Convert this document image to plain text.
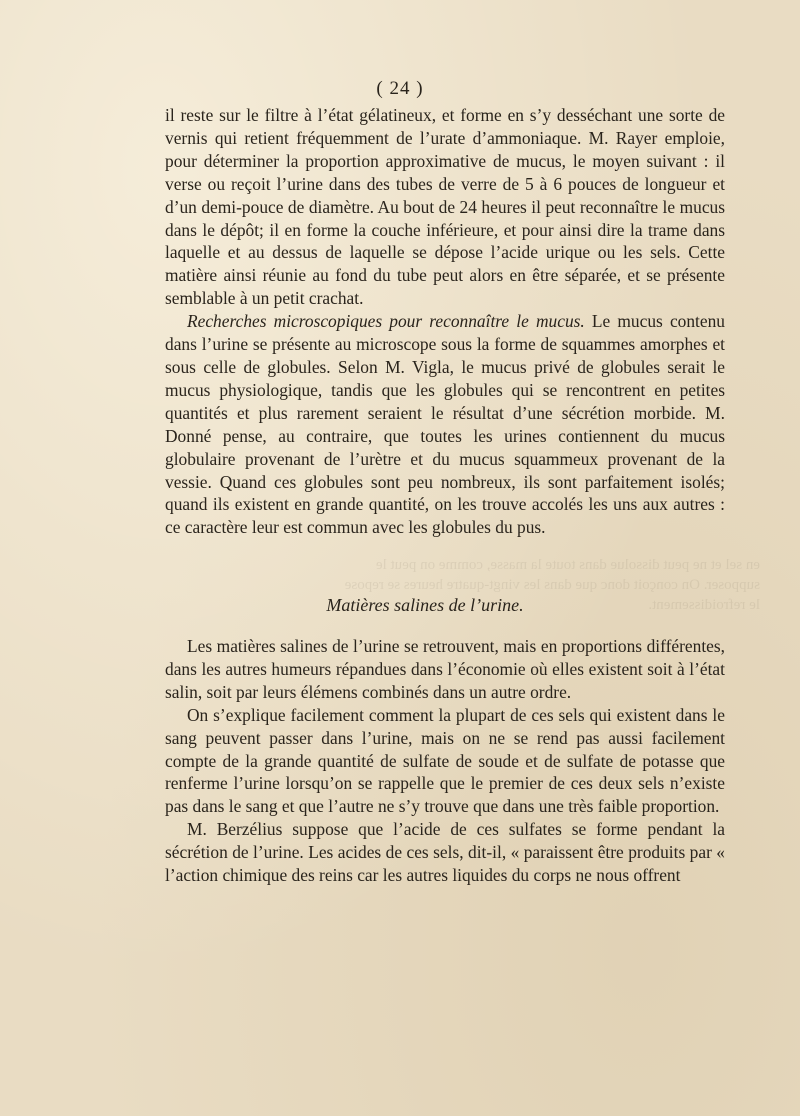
en sel et ne peut dissolue dans toute la masse, comme on peut le supposer. On conçoit donc que dans les vingt-quatre heures se repose le refroidissement.
( 24 )

il reste sur le filtre à l’état gélatineux, et forme en s’y desséchant une sorte de vernis qui retient fréquemment de l’urate d’ammoniaque. M. Rayer emploie, pour déterminer la proportion approximative de mucus, le moyen suivant : il verse ou reçoit l’urine dans des tubes de verre de 5 à 6 pouces de longueur et d’un demi-pouce de diamètre. Au bout de 24 heures il peut reconnaître le mucus dans le dépôt; il en forme la couche inférieure, et pour ainsi dire la trame dans laquelle et au dessus de laquelle se dépose l’acide urique ou les sels. Cette matière ainsi réunie au fond du tube peut alors en être séparée, et se présente semblable à un petit crachat.

Recherches microscopiques pour reconnaître le mucus. Le mucus contenu dans l’urine se présente au microscope sous la forme de squammes amorphes et sous celle de globules. Selon M. Vigla, le mucus privé de globules serait le mucus physiologique, tandis que les globules qui se rencontrent en petites quantités et plus rarement seraient le résultat d’une sécrétion morbide. M. Donné pense, au contraire, que toutes les urines contiennent du mucus globulaire provenant de l’urètre et du mucus squammeux provenant de la vessie. Quand ces globules sont peu nombreux, ils sont parfaitement isolés; quand ils existent en grande quantité, on les trouve accolés les uns aux autres : ce caractère leur est commun avec les globules du pus.

Matières salines de l’urine.

Les matières salines de l’urine se retrouvent, mais en proportions différentes, dans les autres humeurs répandues dans l’économie où elles existent soit à l’état salin, soit par leurs élémens combinés dans un autre ordre.

On s’explique facilement comment la plupart de ces sels qui existent dans le sang peuvent passer dans l’urine, mais on ne se rend pas aussi facilement compte de la grande quantité de sulfate de soude et de sulfate de potasse que renferme l’urine lorsqu’on se rappelle que le premier de ces deux sels n’existe pas dans le sang et que l’autre ne s’y trouve que dans une très faible proportion.

M. Berzélius suppose que l’acide de ces sulfates se forme pendant la sécrétion de l’urine. Les acides de ces sels, dit-il, « paraissent être produits par « l’action chimique des reins car les autres liquides du corps ne nous offrent
